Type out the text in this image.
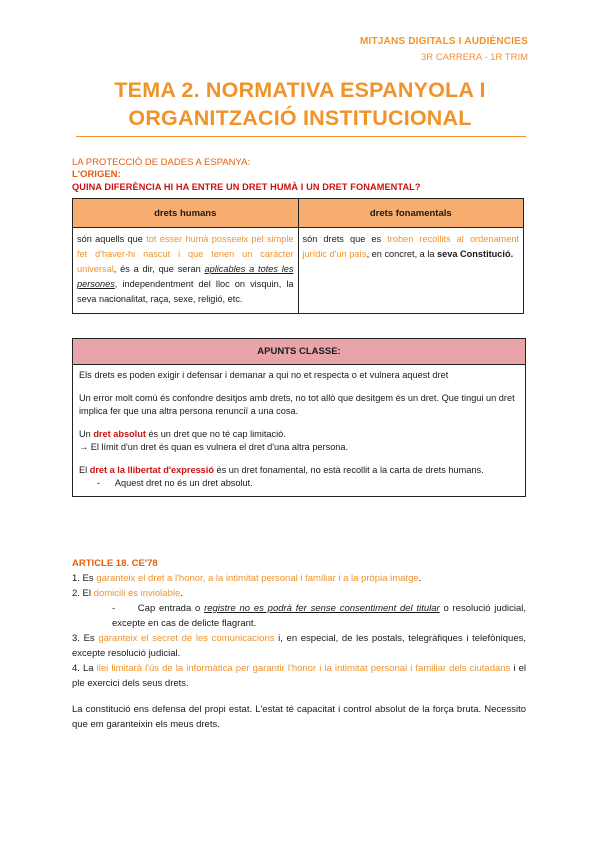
MITJANS DIGITALS I AUDIÈNCIES
3R CARRERA - 1R TRIM
TEMA 2. NORMATIVA ESPANYOLA I
ORGANITZACIÓ INSTITUCIONAL
LA PROTECCIÓ DE DADES A ESPANYA:
L'ORIGEN:
QUINA DIFERÈNCIA HI HA ENTRE UN DRET HUMÀ I UN DRET FONAMENTAL?
drets humans	drets fonamentals
són aquells que tot ésser humà posseeix pel simple fet d'haver-hi nascut i que tenen un caràcter universal, és a dir, que seran aplicables a totes les persones, independentment del lloc on visquin, la seva nacionalitat, raça, sexe, religió, etc.	són drets que es troben recollits al ordenament jurídic d'un país, en concret, a la seva Constitució.
APUNTS CLASSE:

Els drets es poden exigir i defensar i demanar a qui no et respecta o et vulnera aquest dret

Un error molt comú és confondre desitjos amb drets, no tot allò que desitgem és un dret. Que tingui un dret implica fer que una altra persona renunciï a una cosa.

Un dret absolut és un dret que no té cap limitació.
→ El límit d'un dret és quan es vulnera el dret d'una altra persona.

El dret a la llibertat d'expressió és un dret fonamental, no està recollit a la carta de drets humans.
-      Aquest dret no és un dret absolut.

ARTICLE 18. CE'78

1. Es garanteix el dret a l'honor, a la intimitat personal i familiar i a la pròpia imatge.

2. El domicili és inviolable.

-      Cap entrada o registre no es podrà fer sense consentiment del titular o resolució judicial, excepte en cas de delicte flagrant.

3. Es garanteix el secret de les comunicacions i, en especial, de les postals, telegràfiques i telefòniques, excepte resolució judicial.

4. La llei limitarà l'ús de la informàtica per garantir l'honor i la intimitat personal i familiar dels ciutadans i el ple exercici dels seus drets.

La constitució ens defensa del propi estat. L'estat té capacitat i control absolut de la força bruta. Necessito que em garanteixin els meus drets.
